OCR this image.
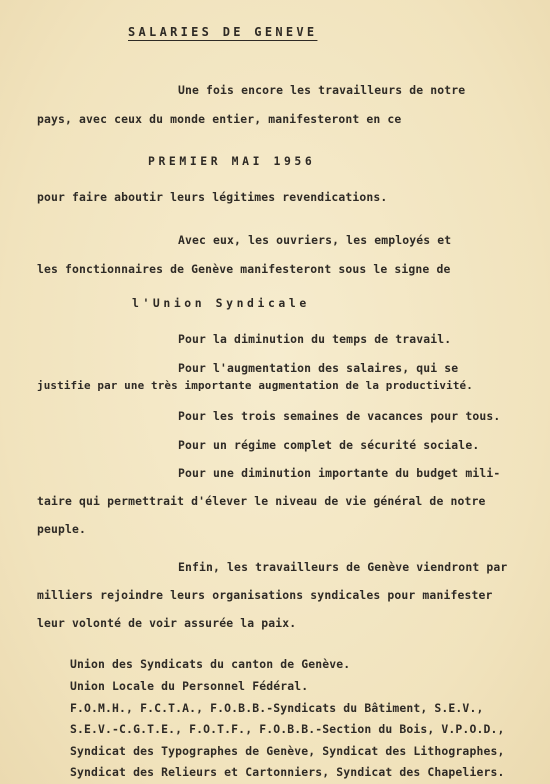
SALARIES DE GENEVE
Une fois encore les travailleurs de notre
pays, avec ceux du monde entier, manifesteront en ce
PREMIER MAI 1956
pour faire aboutir leurs légitimes revendications.
Avec eux, les ouvriers, les employés et
les fonctionnaires de Genève manifesteront sous le signe de
l'Union Syndicale
Pour la diminution du temps de travail.
Pour l'augmentation des salaires, qui se
justifie par une très importante augmentation de la productivité.
Pour les trois semaines de vacances pour tous.
Pour un régime complet de sécurité sociale.
Pour une diminution importante du budget mili-
taire qui permettrait d'élever le niveau de vie général de notre
peuple.
Enfin, les travailleurs de Genève viendront par
milliers rejoindre leurs organisations syndicales pour manifester
leur volonté de voir assurée la paix.
Union des Syndicats du canton de Genève.
Union Locale du Personnel Fédéral.
F.O.M.H., F.C.T.A., F.O.B.B.-Syndicats du Bâtiment, S.E.V.,
S.E.V.-C.G.T.E., F.O.T.F., F.O.B.B.-Section du Bois, V.P.O.D.,
Syndicat des Typographes de Genève, Syndicat des Lithographes,
Syndicat des Relieurs et Cartonniers, Syndicat des Chapeliers.
